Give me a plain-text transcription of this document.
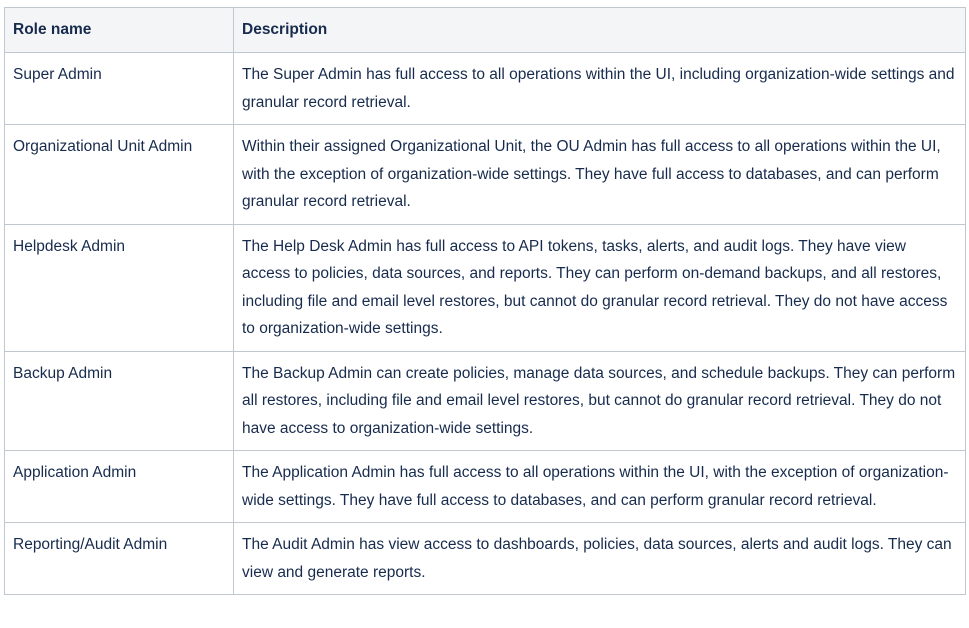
Role name	Description
Super Admin	The Super Admin has full access to all operations within the UI, including organization-wide settings and granular record retrieval.
Organizational Unit Admin	Within their assigned Organizational Unit, the OU Admin has full access to all operations within the UI, with the exception of organization-wide settings. They have full access to databases, and can perform granular record retrieval.
Helpdesk Admin	The Help Desk Admin has full access to API tokens, tasks, alerts, and audit logs. They have view access to policies, data sources, and reports. They can perform on-demand backups, and all restores, including file and email level restores, but cannot do granular record retrieval. They do not have access to organization-wide settings.
Backup Admin	The Backup Admin can create policies, manage data sources, and schedule backups. They can perform all restores, including file and email level restores, but cannot do granular record retrieval. They do not have access to organization-wide settings.
Application Admin	The Application Admin has full access to all operations within the UI, with the exception of organization-wide settings. They have full access to databases, and can perform granular record retrieval.
Reporting/Audit Admin	The Audit Admin has view access to dashboards, policies, data sources, alerts and audit logs. They can view and generate reports.
